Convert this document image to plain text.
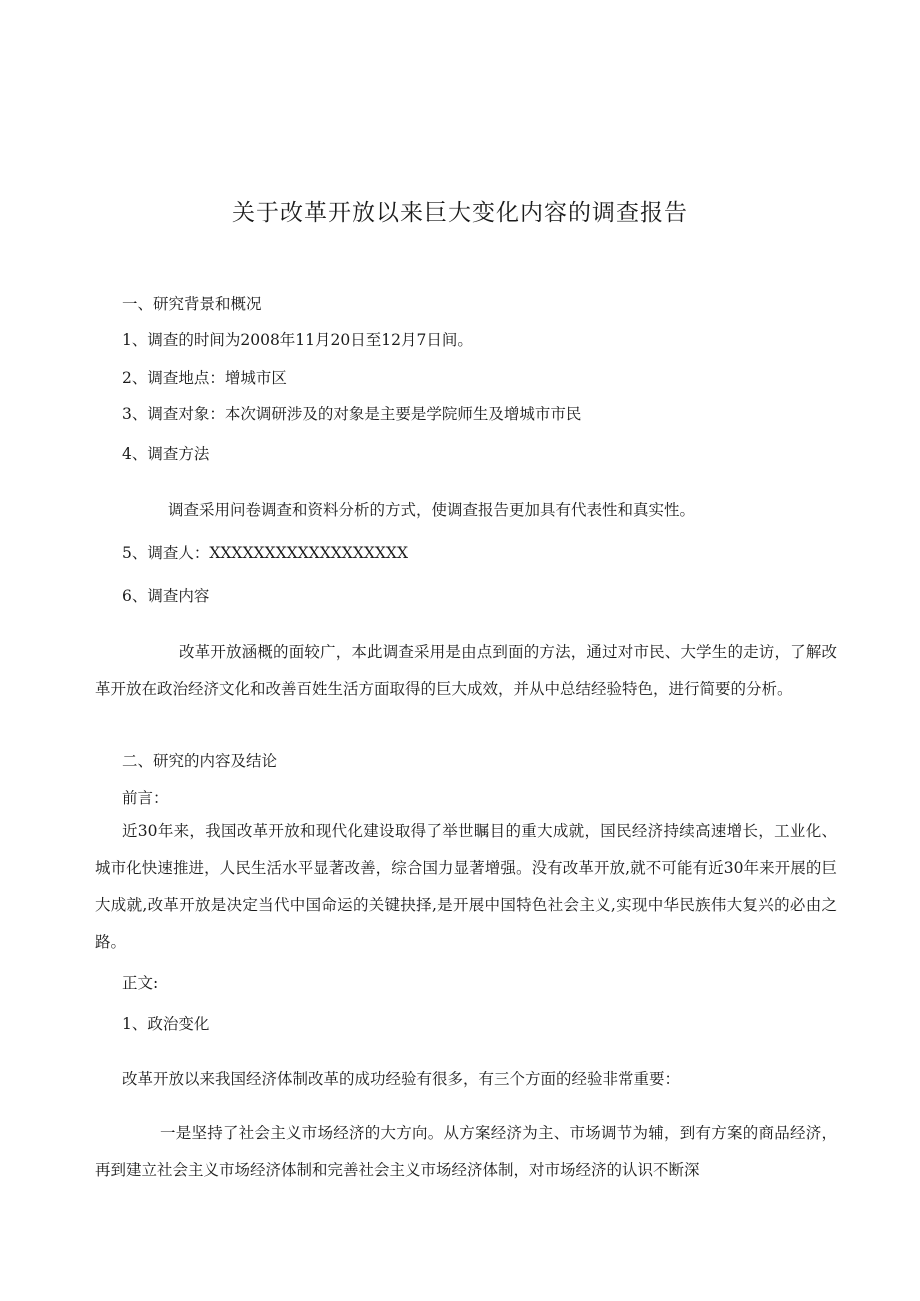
关于改革开放以来巨大变化内容的调查报告
一、研究背景和概况
1、调查的时间为2008年11月20日至12月7日间。
2、调查地点：增城市区
3、调查对象：本次调研涉及的对象是主要是学院师生及增城市市民
4、调查方法
调查采用问卷调查和资料分析的方式，使调查报告更加具有代表性和真实性。
5、调查人：XXXXXXXXXXXXXXXXXX
6、调查内容
改革开放涵概的面较广，本此调查采用是由点到面的方法，通过对市民、大学生的走访，了解改革开放在政治经济文化和改善百姓生活方面取得的巨大成效，并从中总结经验特色，进行简要的分析。
二、研究的内容及结论
前言：
近30年来，我国改革开放和现代化建设取得了举世瞩目的重大成就，国民经济持续高速增长，工业化、城市化快速推进，人民生活水平显著改善，综合国力显著增强。没有改革开放,就不可能有近30年来开展的巨大成就,改革开放是决定当代中国命运的关键抉择,是开展中国特色社会主义,实现中华民族伟大复兴的必由之路。
正文:
1、政治变化
改革开放以来我国经济体制改革的成功经验有很多，有三个方面的经验非常重要：
一是坚持了社会主义市场经济的大方向。从方案经济为主、市场调节为辅，到有方案的商品经济，再到建立社会主义市场经济体制和完善社会主义市场经济体制，对市场经济的认识不断深
